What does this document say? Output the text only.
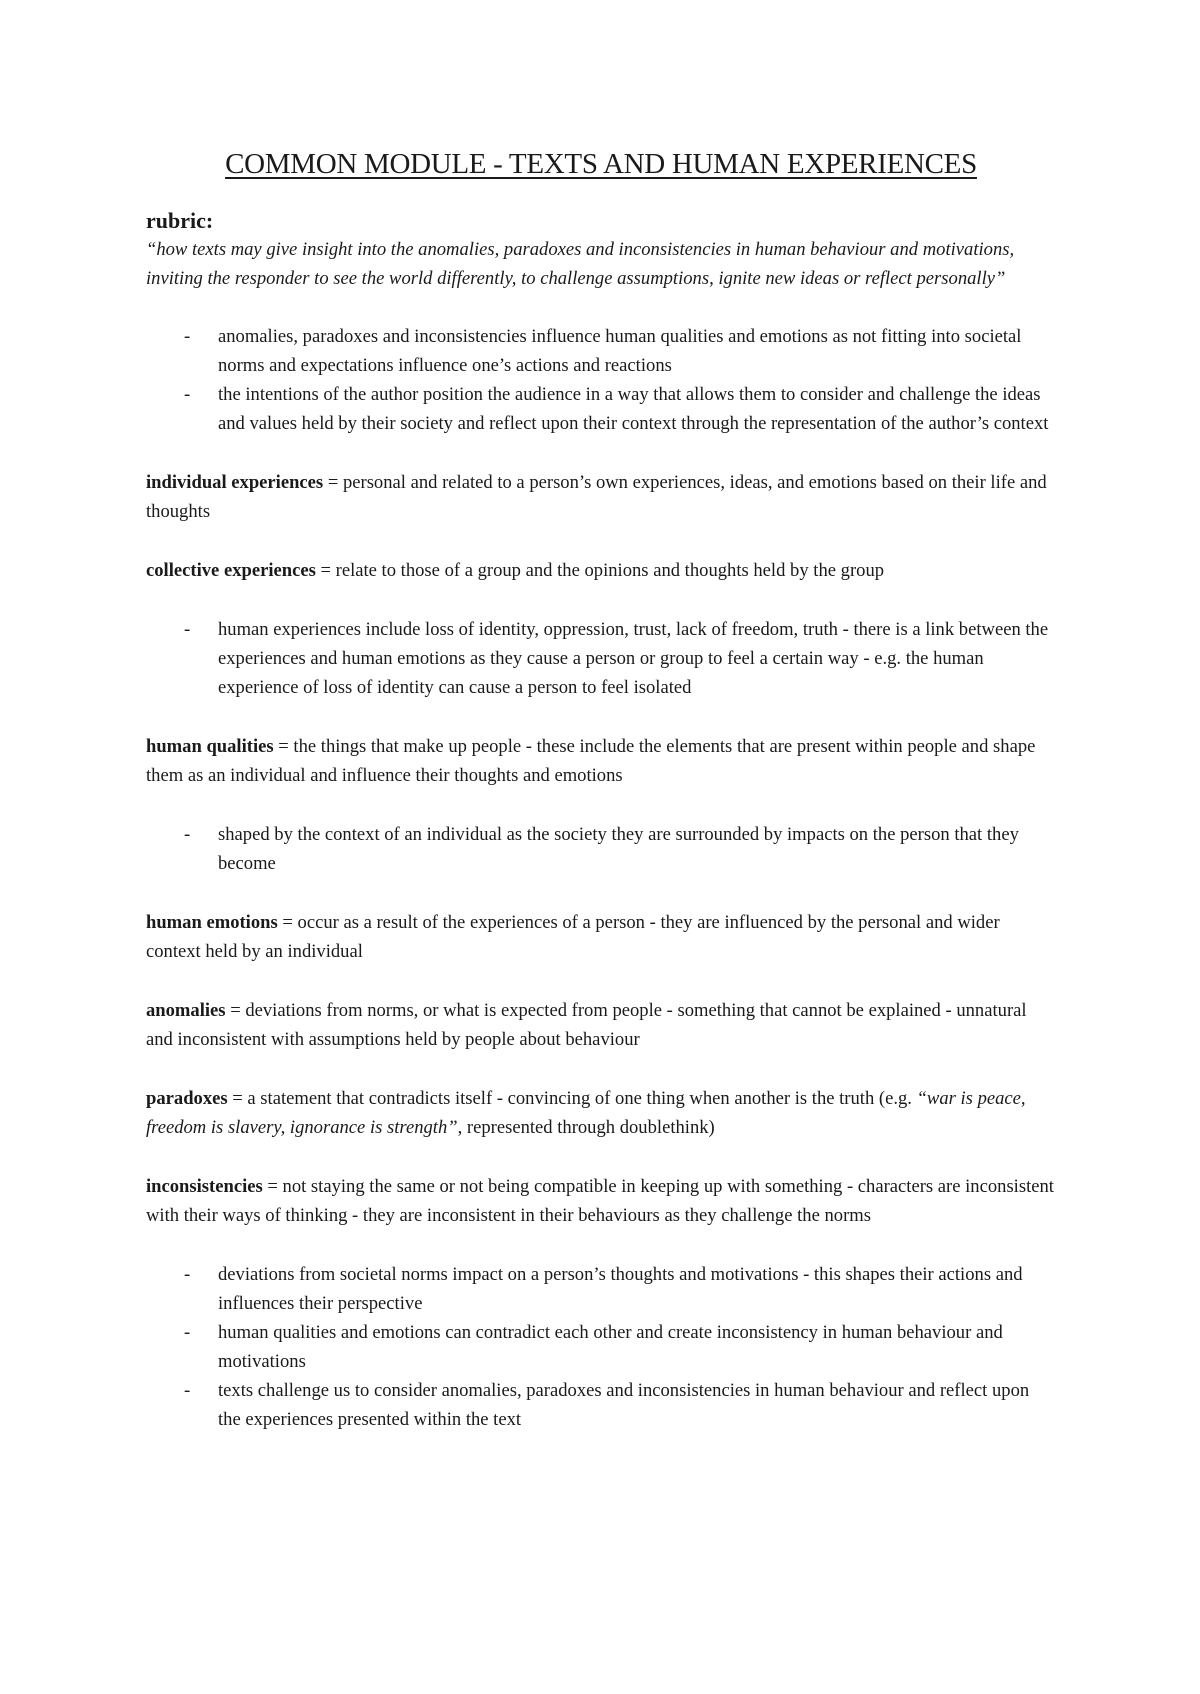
COMMON MODULE - TEXTS AND HUMAN EXPERIENCES
rubric:
“how texts may give insight into the anomalies, paradoxes and inconsistencies in human behaviour and motivations, inviting the responder to see the world differently, to challenge assumptions, ignite new ideas or reflect personally”
- anomalies, paradoxes and inconsistencies influence human qualities and emotions as not fitting into societal norms and expectations influence one’s actions and reactions
- the intentions of the author position the audience in a way that allows them to consider and challenge the ideas and values held by their society and reflect upon their context through the representation of the author’s context

individual experiences = personal and related to a person’s own experiences, ideas, and emotions based on their life and thoughts

collective experiences = relate to those of a group and the opinions and thoughts held by the group

- human experiences include loss of identity, oppression, trust, lack of freedom, truth - there is a link between the experiences and human emotions as they cause a person or group to feel a certain way - e.g. the human experience of loss of identity can cause a person to feel isolated

human qualities = the things that make up people - these include the elements that are present within people and shape them as an individual and influence their thoughts and emotions

- shaped by the context of an individual as the society they are surrounded by impacts on the person that they become

human emotions = occur as a result of the experiences of a person - they are influenced by the personal and wider context held by an individual

anomalies = deviations from norms, or what is expected from people - something that cannot be explained - unnatural and inconsistent with assumptions held by people about behaviour

paradoxes = a statement that contradicts itself - convincing of one thing when another is the truth (e.g. “war is peace, freedom is slavery, ignorance is strength”, represented through doublethink)

inconsistencies = not staying the same or not being compatible in keeping up with something - characters are inconsistent with their ways of thinking - they are inconsistent in their behaviours as they challenge the norms

- deviations from societal norms impact on a person’s thoughts and motivations - this shapes their actions and influences their perspective
- human qualities and emotions can contradict each other and create inconsistency in human behaviour and motivations
- texts challenge us to consider anomalies, paradoxes and inconsistencies in human behaviour and reflect upon the experiences presented within the text
